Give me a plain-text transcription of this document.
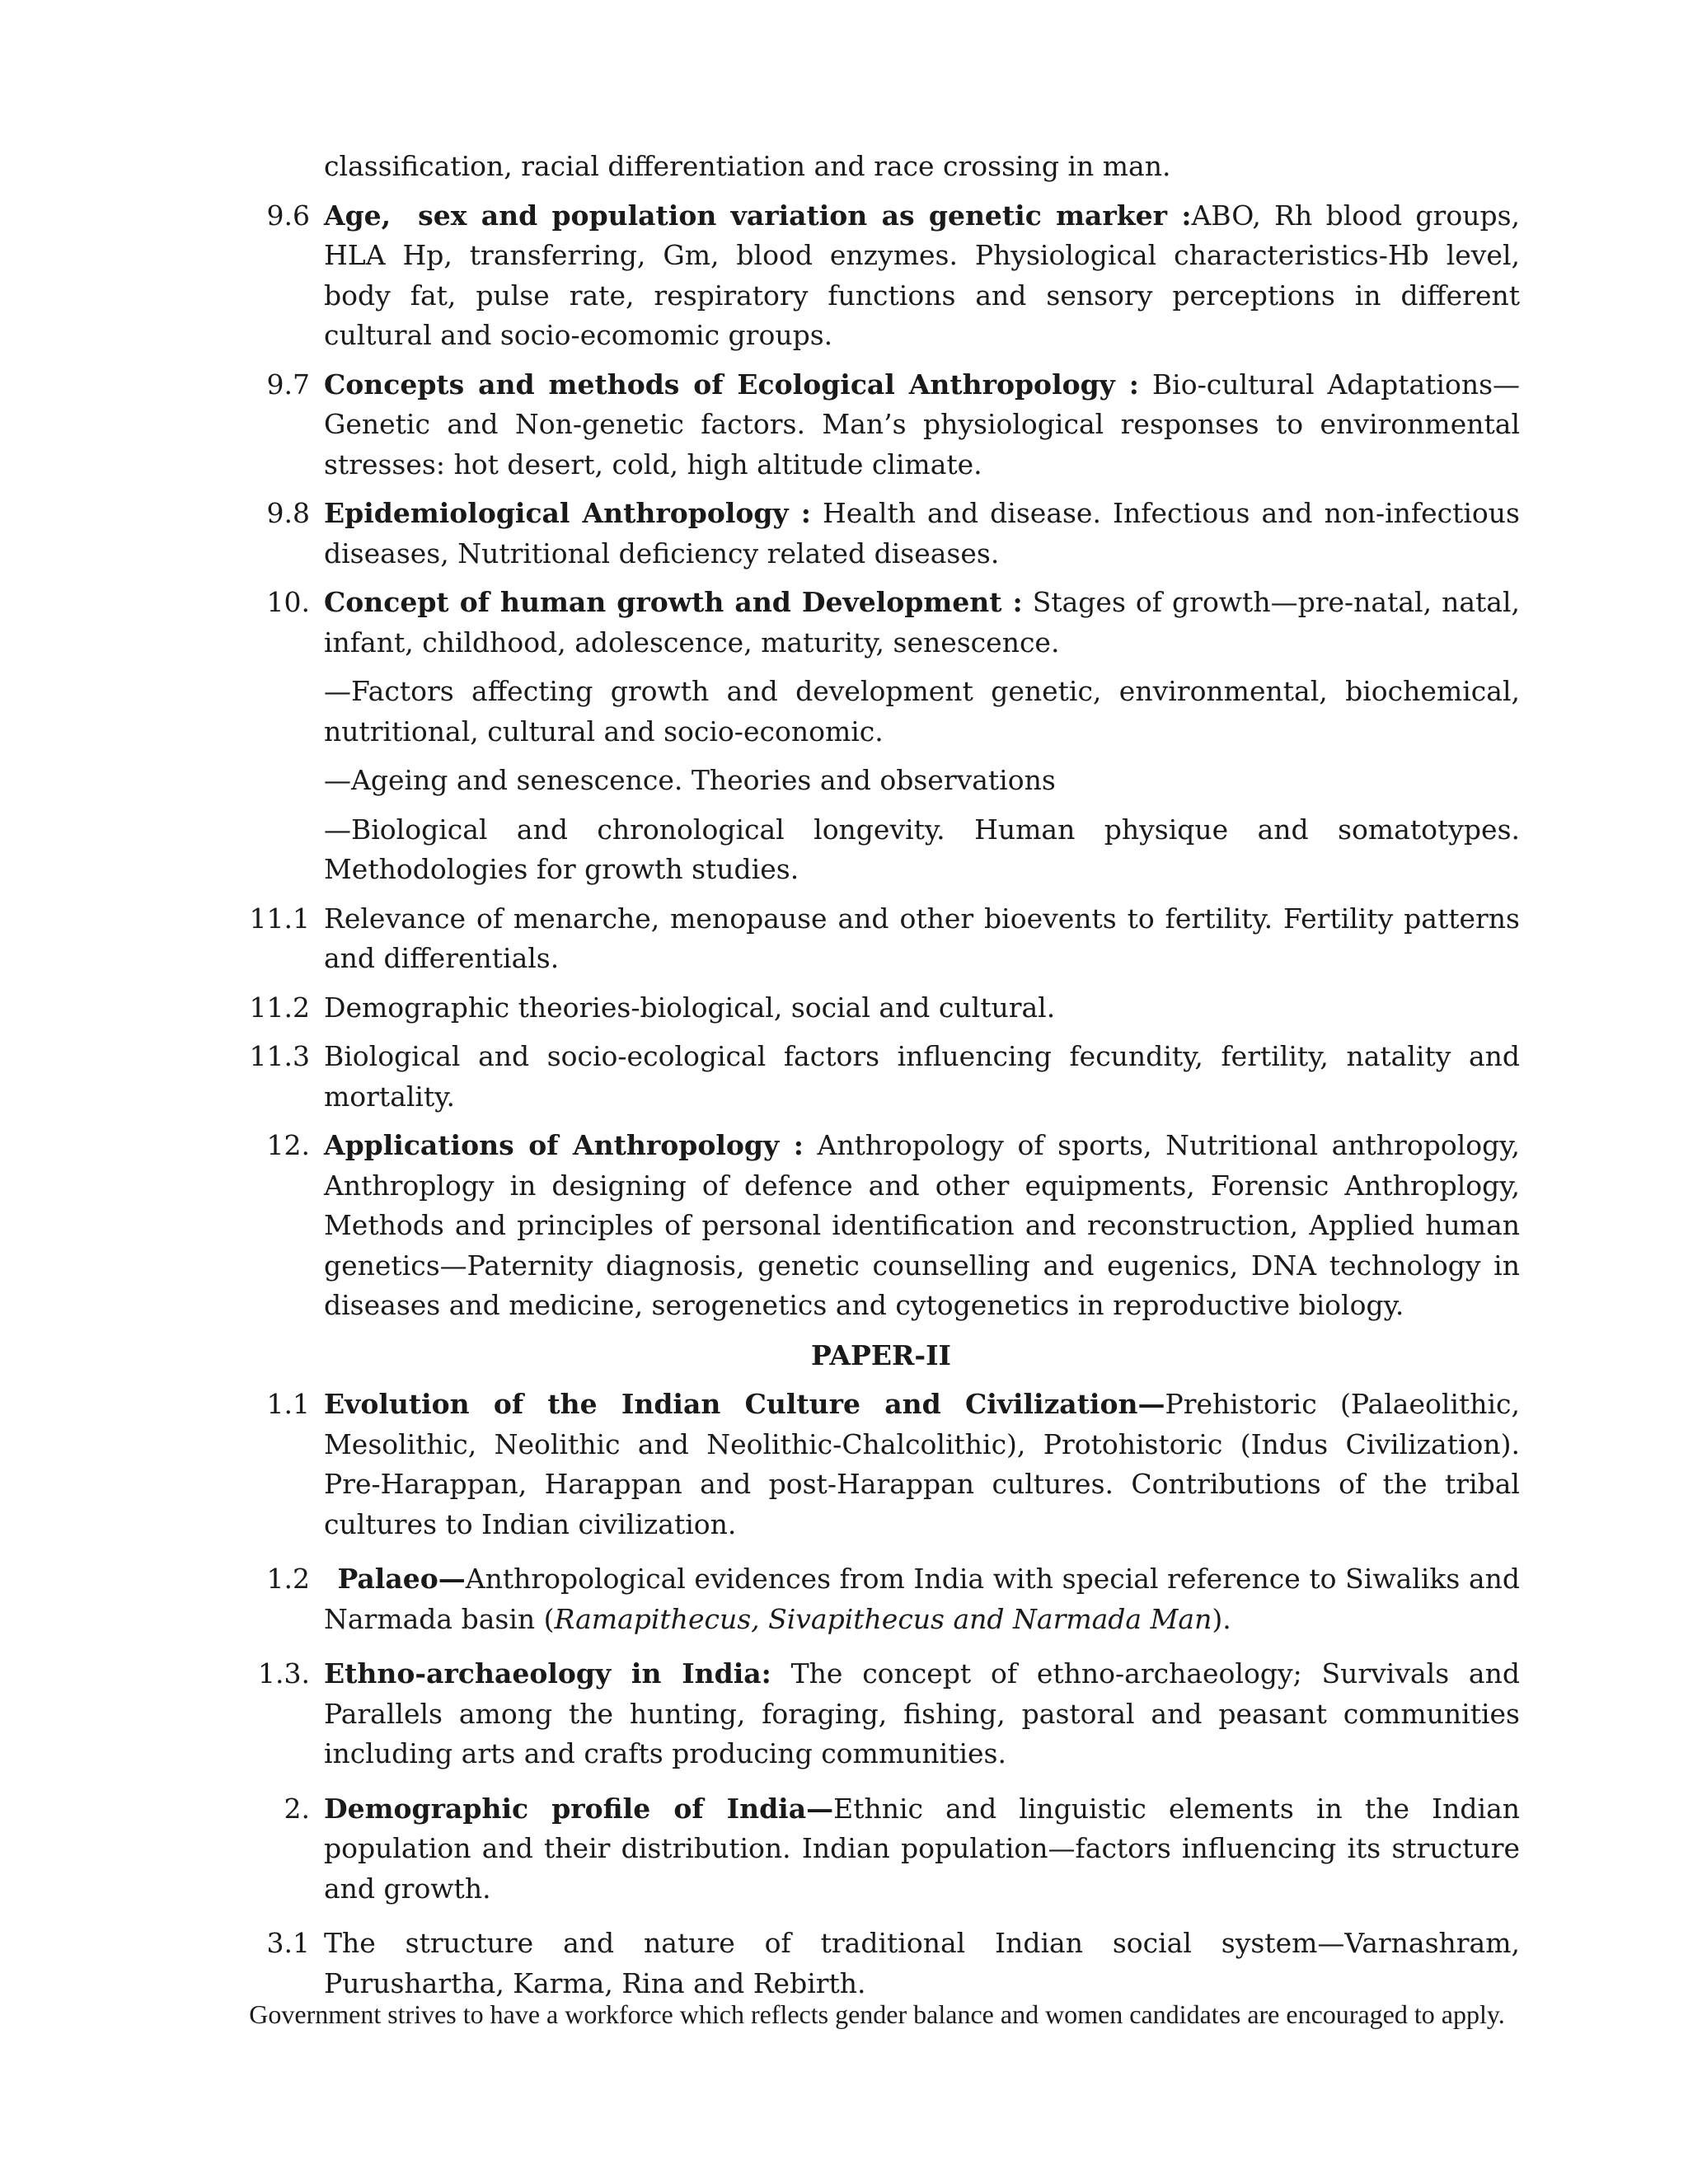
classification, racial differentiation and race crossing in man.
9.6 Age,  sex and population variation as genetic marker :ABO, Rh blood groups, HLA Hp, transferring, Gm, blood enzymes. Physiological characteristics-Hb level, body fat, pulse rate, respiratory functions and sensory perceptions in different cultural and socio-ecomomic groups.
9.7 Concepts and methods of Ecological Anthropology : Bio-cultural Adaptations—Genetic and Non-genetic factors. Man’s physiological responses to environmental stresses: hot desert, cold, high altitude climate.
9.8 Epidemiological Anthropology : Health and disease. Infectious and non-infectious diseases, Nutritional deficiency related diseases.
10. Concept of human growth and Development : Stages of growth—pre-natal, natal, infant, childhood, adolescence, maturity, senescence.
—Factors affecting growth and development genetic, environmental, biochemical, nutritional, cultural and socio-economic.
—Ageing and senescence. Theories and observations
—Biological and chronological longevity. Human physique and somatotypes. Methodologies for growth studies.
11.1 Relevance of menarche, menopause and other bioevents to fertility. Fertility patterns and differentials.
11.2 Demographic theories-biological, social and cultural.
11.3 Biological and socio-ecological factors influencing fecundity, fertility, natality and mortality.
12. Applications of Anthropology : Anthropology of sports, Nutritional anthropology, Anthroplogy in designing of defence and other equipments, Forensic Anthroplogy, Methods and principles of personal identification and reconstruction, Applied human genetics—Paternity diagnosis, genetic counselling and eugenics, DNA technology in diseases and medicine, serogenetics and cytogenetics in reproductive biology.
PAPER-II
1.1 Evolution of the Indian Culture and Civilization—Prehistoric (Palaeolithic, Mesolithic, Neolithic and Neolithic-Chalcolithic), Protohistoric (Indus Civilization). Pre-Harappan, Harappan and post-Harappan cultures. Contributions of the tribal cultures to Indian civilization.
1.2  Palaeo—Anthropological evidences from India with special reference to Siwaliks and Narmada basin (Ramapithecus, Sivapithecus and Narmada Man).
1.3. Ethno-archaeology in India: The concept of ethno-archaeology; Survivals and Parallels among the hunting, foraging, fishing, pastoral and peasant communities including arts and crafts producing communities.
2. Demographic profile of India—Ethnic and linguistic elements in the Indian population and their distribution. Indian population—factors influencing its structure and growth.
3.1 The structure and nature of traditional Indian social system—Varnashram, Purushartha, Karma, Rina and Rebirth.
Government strives to have a workforce which reflects gender balance and women candidates are encouraged to apply.
